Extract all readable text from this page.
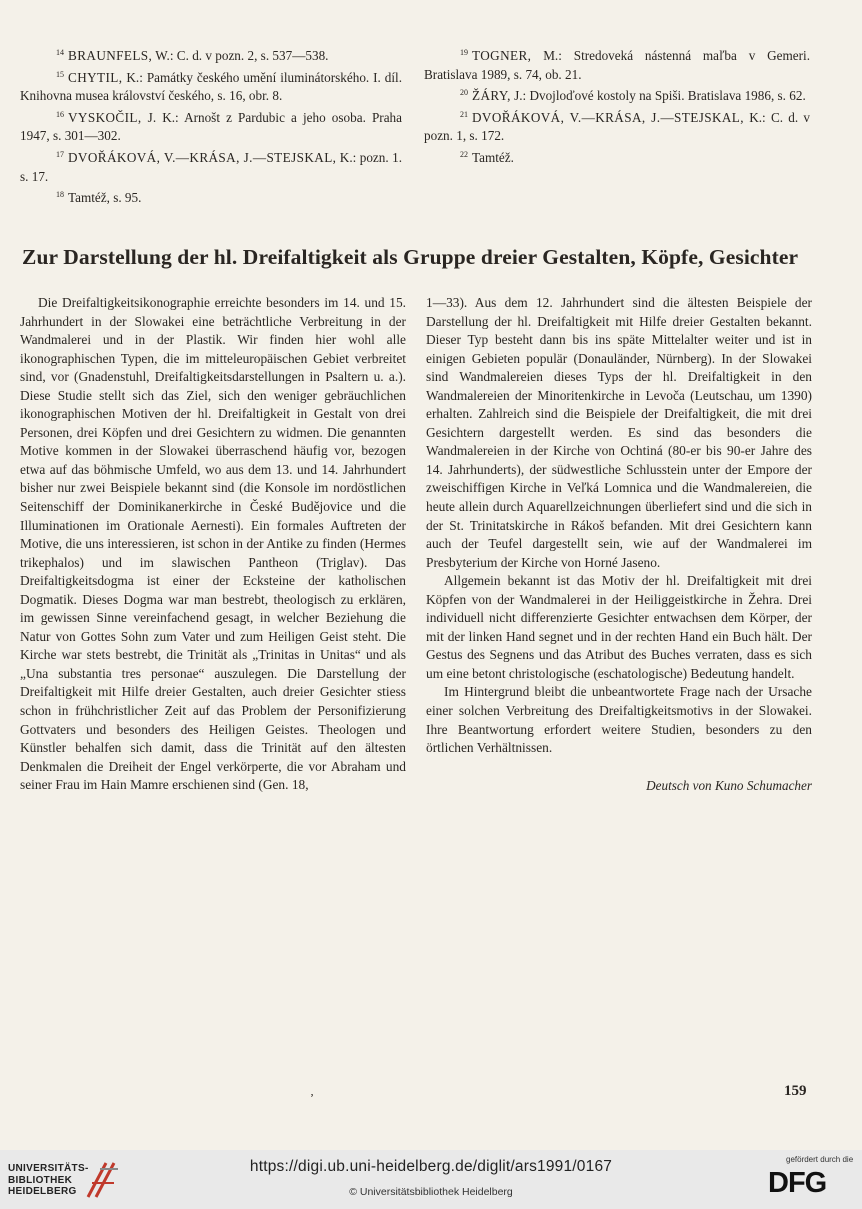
$^{14}$ BRAUNFELS, W.: C. d. v pozn. 2, s. 537—538.

$^{15}$ CHYTIL, K.: Památky českého umění iluminátorského. I. díl. Knihovna musea království českého, s. 16, obr. 8.

$^{16}$ VYSKOČIL, J. K.: Arnošt z Pardubic a jeho osoba. Praha 1947, s. 301—302.

$^{17}$ DVOŘÁKOVÁ, V.—KRÁSA, J.—STEJSKAL, K.: pozn. 1. s. 17.

$^{18}$ Tamtéž, s. 95.

$^{19}$ TOGNER, M.: Stredoveká nástenná maľba v Gemeri. Bratislava 1989, s. 74, ob. 21.

$^{20}$ ŽÁRY, J.: Dvojloďové kostoly na Spiši. Bratislava 1986, s. 62.

$^{21}$ DVOŘÁKOVÁ, V.—KRÁSA, J.—STEJSKAL, K.: C. d. v pozn. 1, s. 172.

$^{22}$ Tamtéž.

Zur Darstellung der hl. Dreifaltigkeit als Gruppe dreier Gestalten, Köpfe, Gesichter

Die Dreifaltigkeitsikonographie erreichte besonders im 14. und 15. Jahrhundert in der Slowakei eine beträchtliche Verbreitung in der Wandmalerei und in der Plastik. Wir finden hier wohl alle ikonographischen Typen, die im mitteleuropäischen Gebiet verbreitet sind, vor (Gnadenstuhl, Dreifaltigkeitsdarstellungen in Psaltern u. a.). Diese Studie stellt sich das Ziel, sich den weniger gebräuchlichen ikonographischen Motiven der hl. Dreifaltigkeit in Gestalt von drei Personen, drei Köpfen und drei Gesichtern zu widmen. Die genannten Motive kommen in der Slowakei überraschend häufig vor, bezogen etwa auf das böhmische Umfeld, wo aus dem 13. und 14. Jahrhundert bisher nur zwei Beispiele bekannt sind (die Konsole im nordöstlichen Seitenschiff der Dominikanerkirche in České Budějovice und die Illuminationen im Orationale Aernesti). Ein formales Auftreten der Motive, die uns interessieren, ist schon in der Antike zu finden (Hermes trikephalos) und im slawischen Pantheon (Triglav). Das Dreifaltigkeitsdogma ist einer der Ecksteine der katholischen Dogmatik. Dieses Dogma war man bestrebt, theologisch zu erklären, im gewissen Sinne vereinfachend gesagt, in welcher Beziehung die Natur von Gottes Sohn zum Vater und zum Heiligen Geist steht. Die Kirche war stets bestrebt, die Trinität als „Trinitas in Unitas“ und als „Una substantia tres personae“ auszulegen. Die Darstellung der Dreifaltigkeit mit Hilfe dreier Gestalten, auch dreier Gesichter stiess schon in frühchristlicher Zeit auf das Problem der Personifizierung Gottvaters und besonders des Heiligen Geistes. Theologen und Künstler behalfen sich damit, dass die Trinität auf den ältesten Denkmalen die Dreiheit der Engel verkörperte, die vor Abraham und seiner Frau im Hain Mamre erschienen sind (Gen. 18,

1—33). Aus dem 12. Jahrhundert sind die ältesten Beispiele der Darstellung der hl. Dreifaltigkeit mit Hilfe dreier Gestalten bekannt. Dieser Typ besteht dann bis ins späte Mittelalter weiter und ist in einigen Gebieten populär (Donauländer, Nürnberg). In der Slowakei sind Wandmalereien dieses Typs der hl. Dreifaltigkeit in den Wandmalereien der Minoritenkirche in Levoča (Leutschau, um 1390) erhalten. Zahlreich sind die Beispiele der Dreifaltigkeit, die mit drei Gesichtern dargestellt werden. Es sind das besonders die Wandmalereien in der Kirche von Ochtiná (80-er bis 90-er Jahre des 14. Jahrhunderts), der südwestliche Schlusstein unter der Empore der zweischiffigen Kirche in Veľká Lomnica und die Wandmalereien, die heute allein durch Aquarellzeichnungen überliefert sind und die sich in der St. Trinitatskirche in Rákoš befanden. Mit drei Gesichtern kann auch der Teufel dargestellt sein, wie auf der Wandmalerei im Presbyterium der Kirche von Horné Jaseno.

Allgemein bekannt ist das Motiv der hl. Dreifaltigkeit mit drei Köpfen von der Wandmalerei in der Heiliggeistkirche in Žehra. Drei individuell nicht differenzierte Gesichter entwachsen dem Körper, der mit der linken Hand segnet und in der rechten Hand ein Buch hält. Der Gestus des Segnens und das Atribut des Buches verraten, dass es sich um eine betont christologische (eschatologische) Bedeutung handelt.

Im Hintergrund bleibt die unbeantwortete Frage nach der Ursache einer solchen Verbreitung des Dreifaltigkeitsmotivs in der Slowakei. Ihre Beantwortung erfordert weitere Studien, besonders zu den örtlichen Verhältnissen.

Deutsch von Kuno Schumacher
ʼ	159
UNIVERSITÄTS-
BIBLIOTHEK
HEIDELBERG
https://digi.ub.uni-heidelberg.de/diglit/ars1991/0167
© Universitätsbibliothek Heidelberg
gefördert durch die
DFG
